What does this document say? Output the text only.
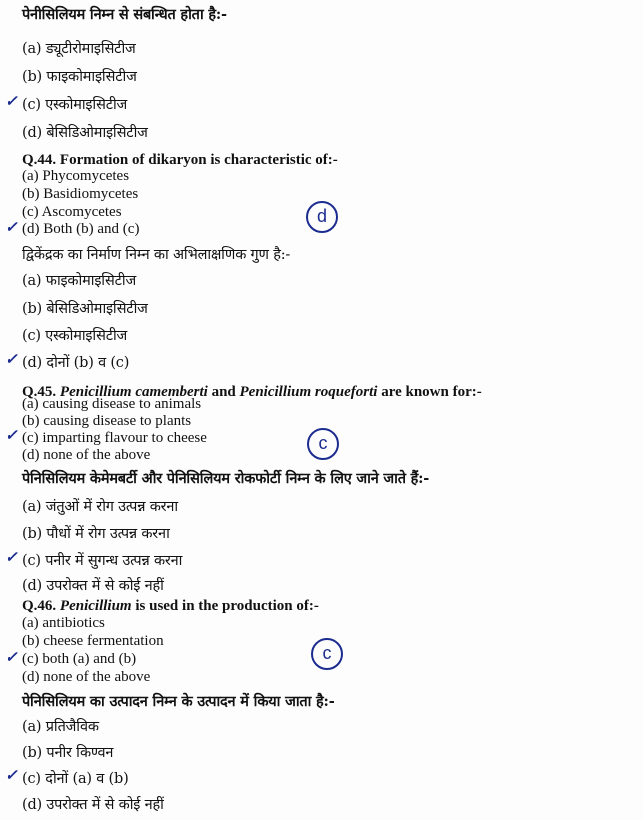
पेनीसिलियम निम्न से संबन्धित होता है:-
(a) ड्यूटीरोमाइसिटीज
(b) फाइकोमाइसिटीज
✓ (c) एस्कोमाइसिटीज
(d) बेसिडिओमाइसिटीज
Q.44. Formation of dikaryon is characteristic of:-
(a) Phycomycetes
(b) Basidiomycetes
(c) Ascomycetes
✓ (d) Both (b) and (c)
d
द्विकेंद्रक का निर्माण निम्न का अभिलाक्षणिक गुण है:-
(a) फाइकोमाइसिटीज
(b) बेसिडिओमाइसिटीज
(c) एस्कोमाइसिटीज
✓ (d) दोनों (b) व (c)
Q.45. Penicillium camemberti and Penicillium roqueforti are known for:-
(a) causing disease to animals
(b) causing disease to plants
✓ (c) imparting flavour to cheese
(d) none of the above
c
पेनिसिलियम केमेमबर्टी और पेनिसिलियम रोकफोर्टी निम्न के लिए जाने जाते हैं:-
(a) जंतुओं में रोग उत्पन्न करना
(b) पौधों में रोग उत्पन्न करना
✓ (c) पनीर में सुगन्ध उत्पन्न करना
(d) उपरोक्त में से कोई नहीं
Q.46. Penicillium is used in the production of:-
(a) antibiotics
(b) cheese fermentation
✓ (c) both (a) and (b)
(d) none of the above
c
पेनिसिलियम का उत्पादन निम्न के उत्पादन में किया जाता है:-
(a) प्रतिजैविक
(b) पनीर किण्वन
✓ (c) दोनों (a) व (b)
(d) उपरोक्त में से कोई नहीं
